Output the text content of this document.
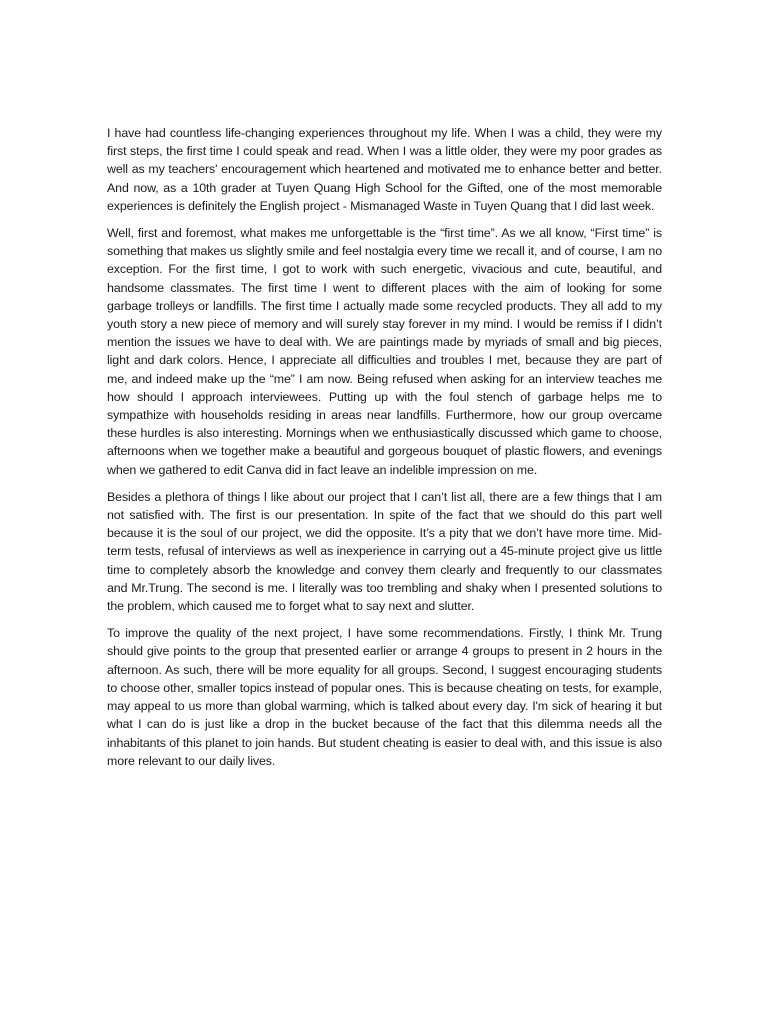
I have had countless life-changing experiences throughout my life. When I was a child, they were my first steps, the first time I could speak and read. When I was a little older, they were my poor grades as well as my teachers' encouragement which heartened and motivated me to enhance better and better. And now, as a 10th grader at Tuyen Quang High School for the Gifted, one of the most memorable experiences is definitely the English project - Mismanaged Waste in Tuyen Quang that I did last week.

Well, first and foremost, what makes me unforgettable is the “first time”. As we all know, “First time” is something that makes us slightly smile and feel nostalgia every time we recall it, and of course, I am no exception. For the first time, I got to work with such energetic, vivacious and cute, beautiful, and handsome classmates. The first time I went to different places with the aim of looking for some garbage trolleys or landfills. The first time I actually made some recycled products. They all add to my youth story a new piece of memory and will surely stay forever in my mind. I would be remiss if I didn’t mention the issues we have to deal with. We are paintings made by myriads of small and big pieces, light and dark colors. Hence, I appreciate all difficulties and troubles I met, because they are part of me, and indeed make up the “me” I am now. Being refused when asking for an interview teaches me how should I approach interviewees. Putting up with the foul stench of garbage helps me to sympathize with households residing in areas near landfills. Furthermore, how our group overcame these hurdles is also interesting. Mornings when we enthusiastically discussed which game to choose, afternoons when we together make a beautiful and gorgeous bouquet of plastic flowers, and evenings when we gathered to edit Canva did in fact leave an indelible impression on me.

Besides a plethora of things l like about our project that I can’t list all, there are a few things that I am not satisfied with. The first is our presentation. In spite of the fact that we should do this part well because it is the soul of our project, we did the opposite. It’s a pity that we don’t have more time. Mid-term tests, refusal of interviews as well as inexperience in carrying out a 45-minute project give us little time to completely absorb the knowledge and convey them clearly and frequently to our classmates and Mr.Trung. The second is me. I literally was too trembling and shaky when I presented solutions to the problem, which caused me to forget what to say next and slutter.

To improve the quality of the next project, I have some recommendations. Firstly, I think Mr. Trung should give points to the group that presented earlier or arrange 4 groups to present in 2 hours in the afternoon. As such, there will be more equality for all groups. Second, I suggest encouraging students to choose other, smaller topics instead of popular ones. This is because cheating on tests, for example, may appeal to us more than global warming, which is talked about every day. I'm sick of hearing it but what I can do is just like a drop in the bucket because of the fact that this dilemma needs all the inhabitants of this planet to join hands. But student cheating is easier to deal with, and this issue is also more relevant to our daily lives.
